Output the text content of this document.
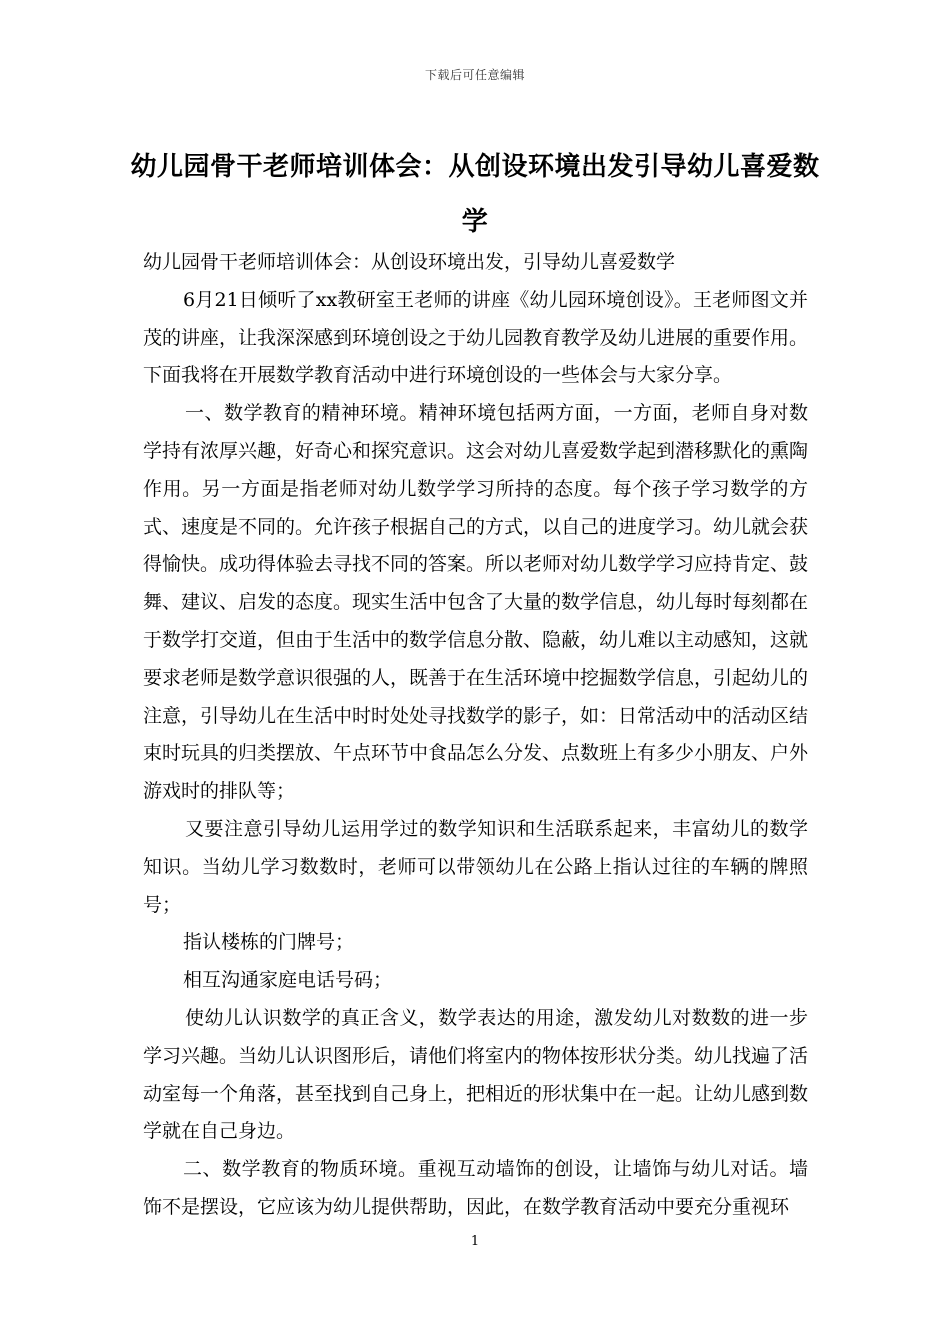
下载后可任意编辑
幼儿园骨干老师培训体会：从创设环境出发引导幼儿喜爱数学

幼儿园骨干老师培训体会：从创设环境出发，引导幼儿喜爱数学

6月21日倾听了xx教研室王老师的讲座《幼儿园环境创设》。王老师图文并茂的讲座，让我深深感到环境创设之于幼儿园教育教学及幼儿进展的重要作用。下面我将在开展数学教育活动中进行环境创设的一些体会与大家分享。

一、数学教育的精神环境。精神环境包括两方面，一方面，老师自身对数学持有浓厚兴趣，好奇心和探究意识。这会对幼儿喜爱数学起到潜移默化的熏陶作用。另一方面是指老师对幼儿数学学习所持的态度。每个孩子学习数学的方式、速度是不同的。允许孩子根据自己的方式，以自己的进度学习。幼儿就会获得愉快。成功得体验去寻找不同的答案。所以老师对幼儿数学学习应持肯定、鼓舞、建议、启发的态度。现实生活中包含了大量的数学信息，幼儿每时每刻都在于数学打交道，但由于生活中的数学信息分散、隐蔽，幼儿难以主动感知，这就要求老师是数学意识很强的人，既善于在生活环境中挖掘数学信息，引起幼儿的注意，引导幼儿在生活中时时处处寻找数学的影子，如：日常活动中的活动区结束时玩具的归类摆放、午点环节中食品怎么分发、点数班上有多少小朋友、户外游戏时的排队等；

又要注意引导幼儿运用学过的数学知识和生活联系起来，丰富幼儿的数学知识。当幼儿学习数数时，老师可以带领幼儿在公路上指认过往的车辆的牌照号；

指认楼栋的门牌号；

相互沟通家庭电话号码；

使幼儿认识数学的真正含义，数学表达的用途，激发幼儿对数数的进一步学习兴趣。当幼儿认识图形后，请他们将室内的物体按形状分类。幼儿找遍了活动室每一个角落，甚至找到自己身上，把相近的形状集中在一起。让幼儿感到数学就在自己身边。

二、数学教育的物质环境。重视互动墙饰的创设，让墙饰与幼儿对话。墙饰不是摆设，它应该为幼儿提供帮助，因此，在数学教育活动中要充分重视环

1
